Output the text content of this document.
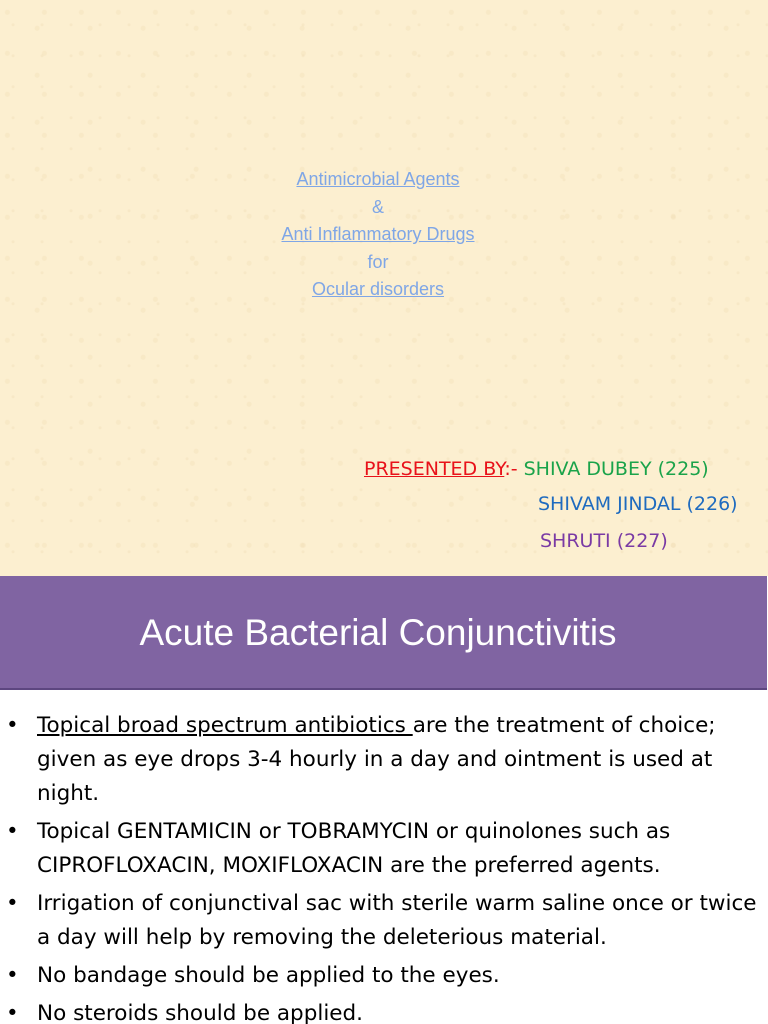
Antimicrobial Agents
&
Anti Inflammatory Drugs
for
Ocular disorders
PRESENTED BY:- SHIVA DUBEY (225)
SHIVAM JINDAL (226)
SHRUTI (227)
Acute Bacterial Conjunctivitis
• Topical broad spectrum antibiotics are the treatment of choice; given as eye drops 3-4 hourly in a day and ointment is used at night.
• Topical GENTAMICIN or TOBRAMYCIN or quinolones such as CIPROFLOXACIN, MOXIFLOXACIN are the preferred agents.
• Irrigation of conjunctival sac with sterile warm saline once or twice a day will help by removing the deleterious material.
• No bandage should be applied to the eyes.
• No steroids should be applied.
